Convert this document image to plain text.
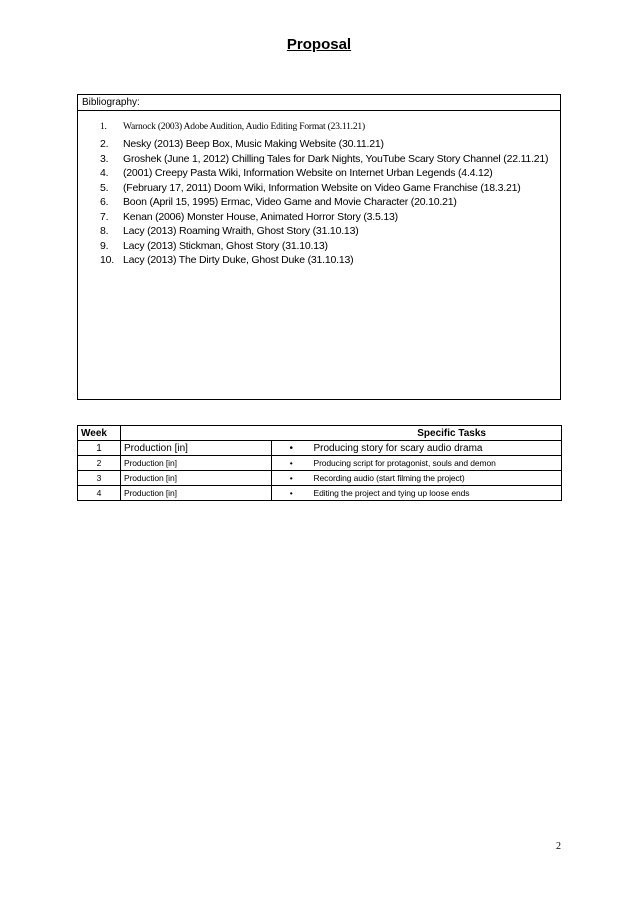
Proposal
Bibliography:
1.	Warnock (2003) Adobe Audition, Audio Editing Format (23.11.21)
2.	Nesky (2013) Beep Box, Music Making Website (30.11.21)
3.	Groshek (June 1, 2012) Chilling Tales for Dark Nights, YouTube Scary Story Channel (22.11.21)
4.	(2001) Creepy Pasta Wiki, Information Website on Internet Urban Legends (4.4.12)
5.	(February 17, 2011) Doom Wiki, Information Website on Video Game Franchise (18.3.21)
6.	Boon (April 15, 1995) Ermac, Video Game and Movie Character (20.10.21)
7.	Kenan (2006) Monster House, Animated Horror Story (3.5.13)
8.	Lacy (2013) Roaming Wraith, Ghost Story (31.10.13)
9.	Lacy (2013) Stickman, Ghost Story (31.10.13)
10. Lacy (2013) The Dirty Duke, Ghost Duke (31.10.13)
Week	Specific Tasks		
1	Production [in]	•	Producing story for scary audio drama
2	Production [in]	•	Producing script for protagonist, souls and demon
3	Production [in]	•	Recording audio (start filming the project)
4	Production [in]	•	Editing the project and tying up loose ends
2
